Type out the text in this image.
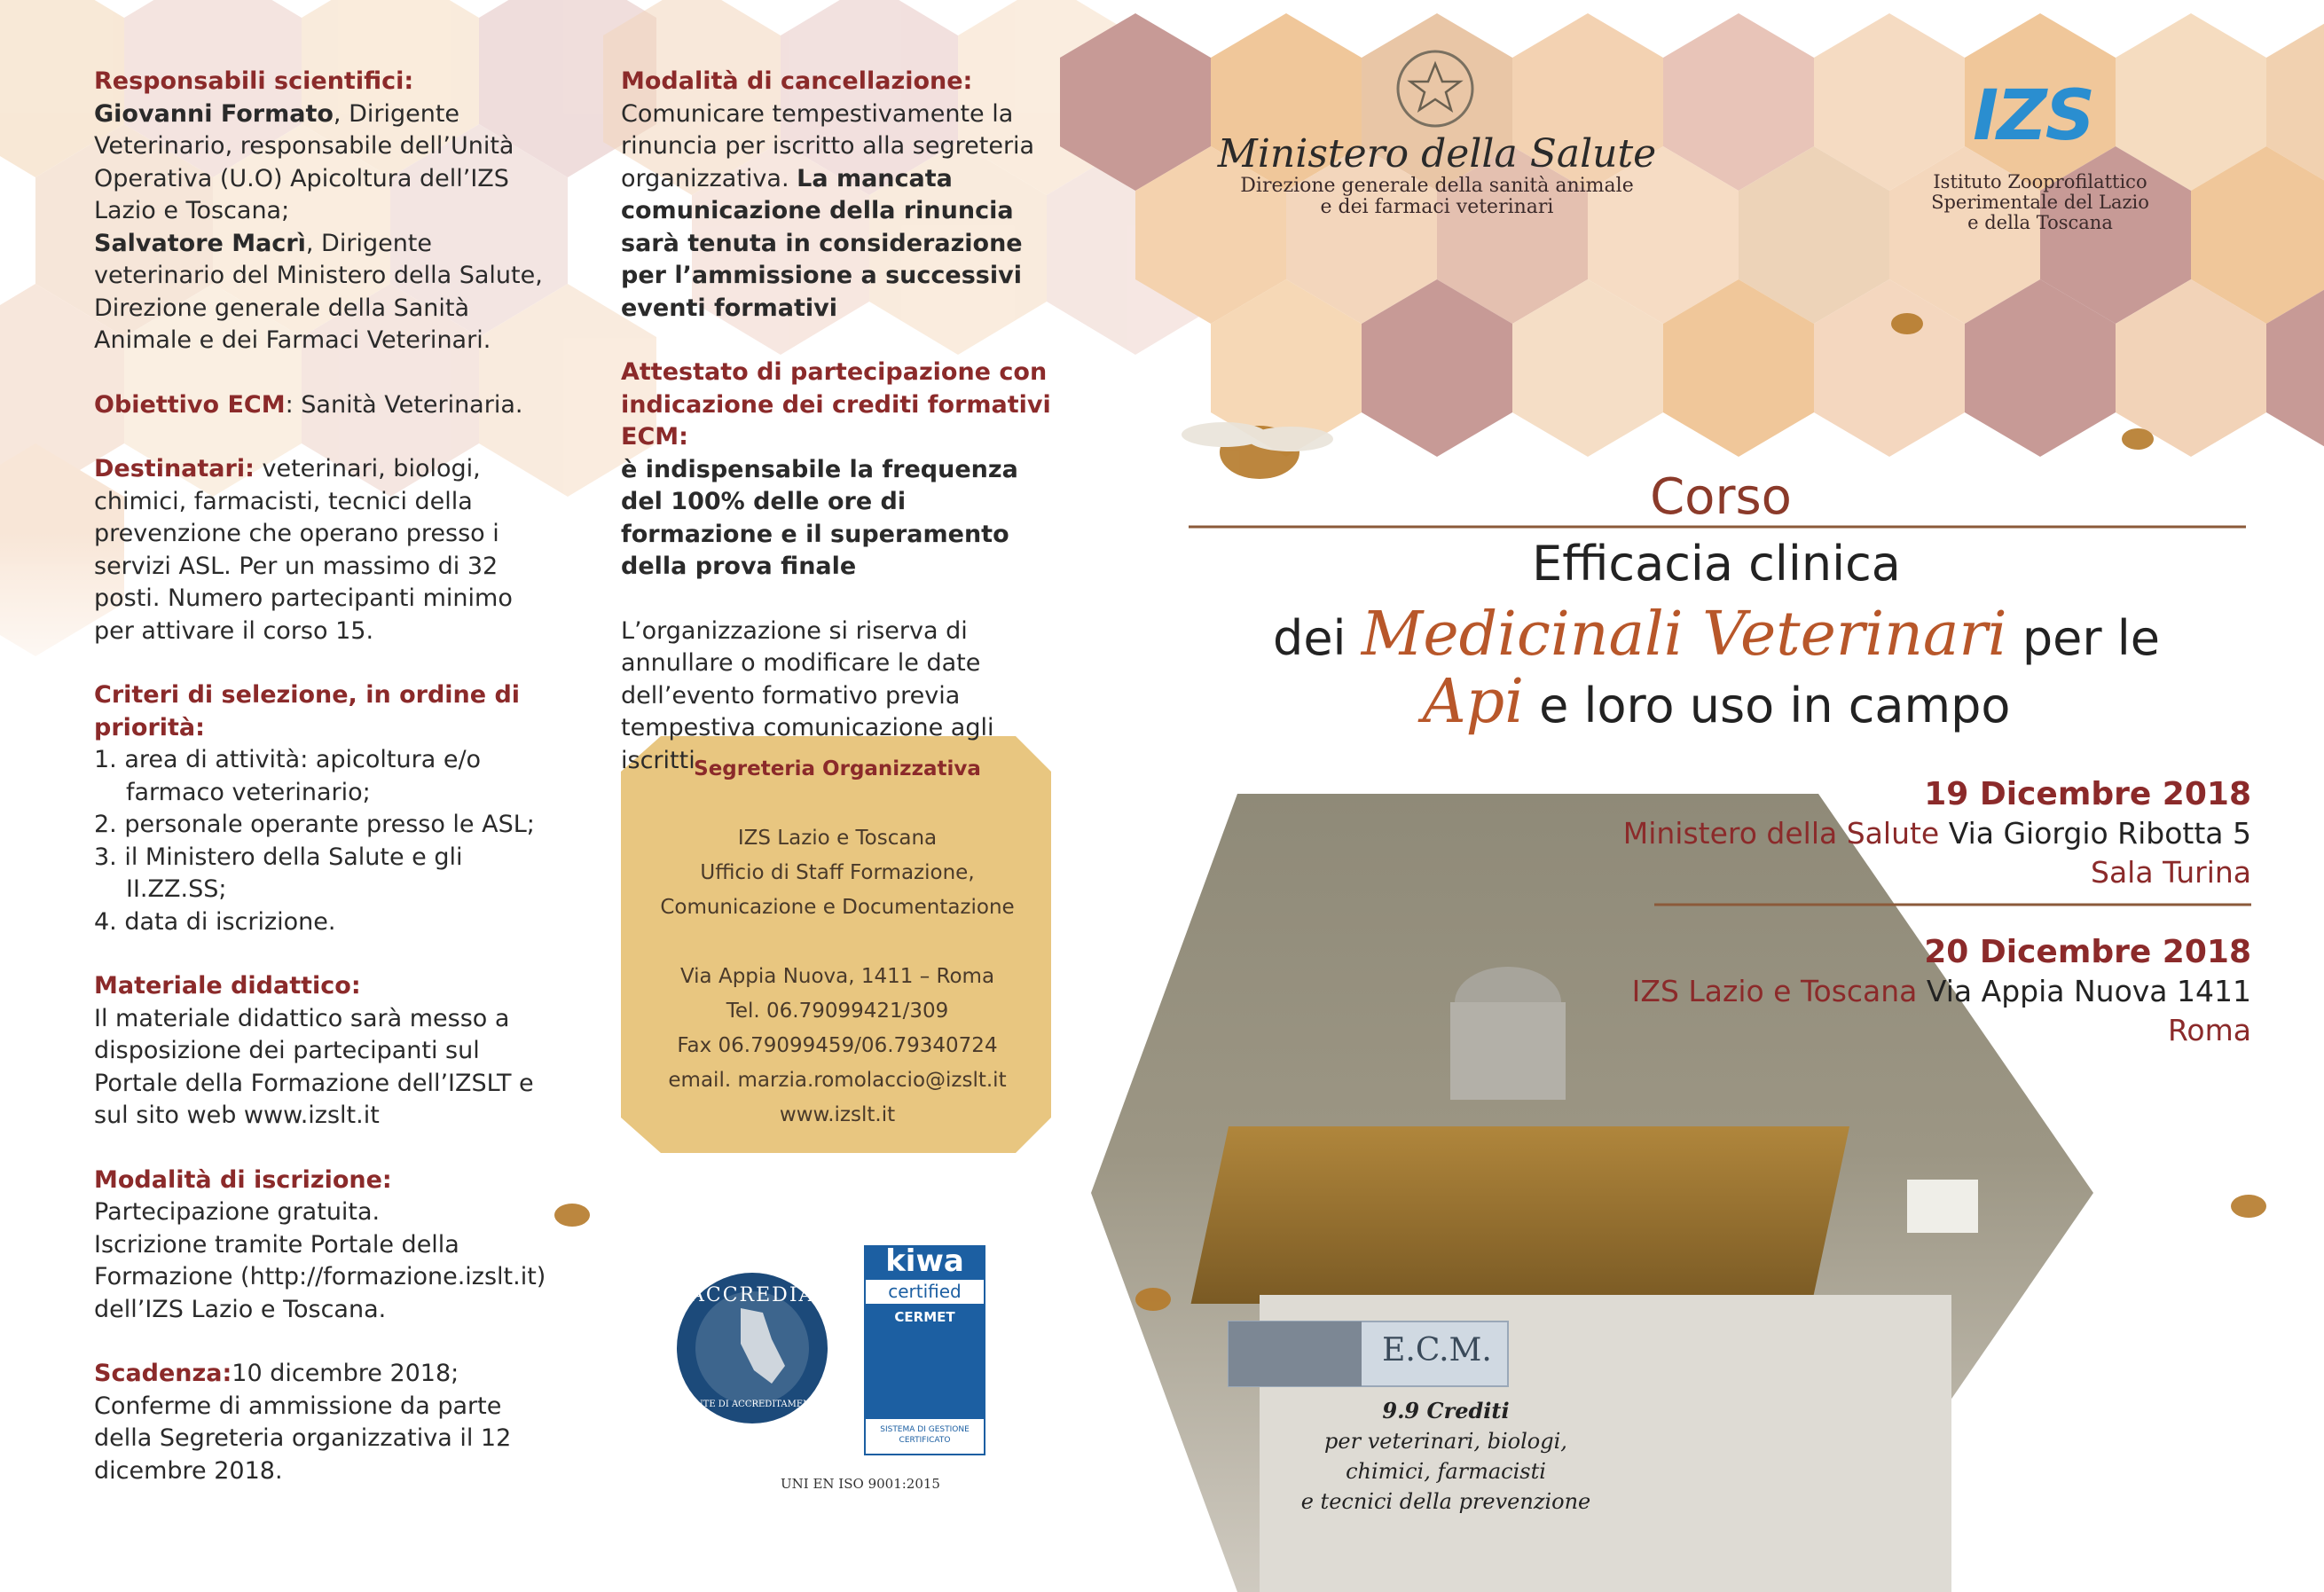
Responsabili scientifici:

Giovanni Formato, Dirigente Veterinario, responsabile dell’Unità Operativa (U.O) Apicoltura dell’IZS Lazio e Toscana;

Salvatore Macrì, Dirigente veterinario del Ministero della Salute, Direzione generale della Sanità Animale e dei Farmaci Veterinari.

Obiettivo ECM: Sanità Veterinaria.

Destinatari: veterinari, biologi, chimici, farmacisti, tecnici della prevenzione che operano presso i servizi ASL. Per un massimo di 32 posti. Numero partecipanti minimo per attivare il corso 15.

Criteri di selezione, in ordine di priorità:

1. area di attività: apicoltura e/o farmaco veterinario;
2. personale operante presso le ASL;
3. il Ministero della Salute e gli II.ZZ.SS;
4. data di iscrizione.

Materiale didattico:

Il materiale didattico sarà messo a disposizione dei partecipanti sul Portale della Formazione dell’IZSLT e sul sito web www.izslt.it

Modalità di iscrizione:

Partecipazione gratuita.

Iscrizione tramite Portale della Formazione (http://formazione.izslt.it) dell’IZS Lazio e Toscana.

Scadenza:10 dicembre 2018; Conferme di ammissione da parte della Segreteria organizzativa il 12 dicembre 2018.

Modalità di cancellazione:

Comunicare tempestivamente la rinuncia per iscritto alla segreteria organizzativa. La mancata comunicazione della rinuncia sarà tenuta in considerazione per l’ammissione a successivi eventi formativi

Attestato di partecipazione con indicazione dei crediti formativi ECM:

è indispensabile la frequenza del 100% delle ore di formazione e il superamento della prova finale

L’organizzazione si riserva di annullare o modificare le date dell’evento formativo previa tempestiva comunicazione agli iscritti

Segreteria Organizzativa
IZS Lazio e Toscana
Ufficio di Staff Formazione,
Comunicazione e Documentazione
Via Appia Nuova, 1411 – Roma
Tel. 06.79099421/309
Fax 06.79099459/06.79340724
email. marzia.romolaccio@izslt.it
www.izslt.it
ACCREDIA
L'ENTE DI ACCREDITAMENTO
kiwa
certified
CERMET
SISTEMA DI GESTIONE CERTIFICATO
UNI EN ISO 9001:2015
Ministero della Salute
Direzione generale della sanità animale
e dei farmaci veterinari
IZS
Istituto Zooprofilattico
Sperimentale del Lazio
e della Toscana
Corso
Efficacia clinica
dei Medicinali Veterinari per le
Api e loro uso in campo
19 Dicembre 2018
Ministero della Salute Via Giorgio Ribotta 5
Sala Turina
20 Dicembre 2018
IZS Lazio e Toscana Via Appia Nuova 1411
Roma
E.C.M.
9.9 Crediti
per veterinari, biologi,
chimici, farmacisti
e tecnici della prevenzione
